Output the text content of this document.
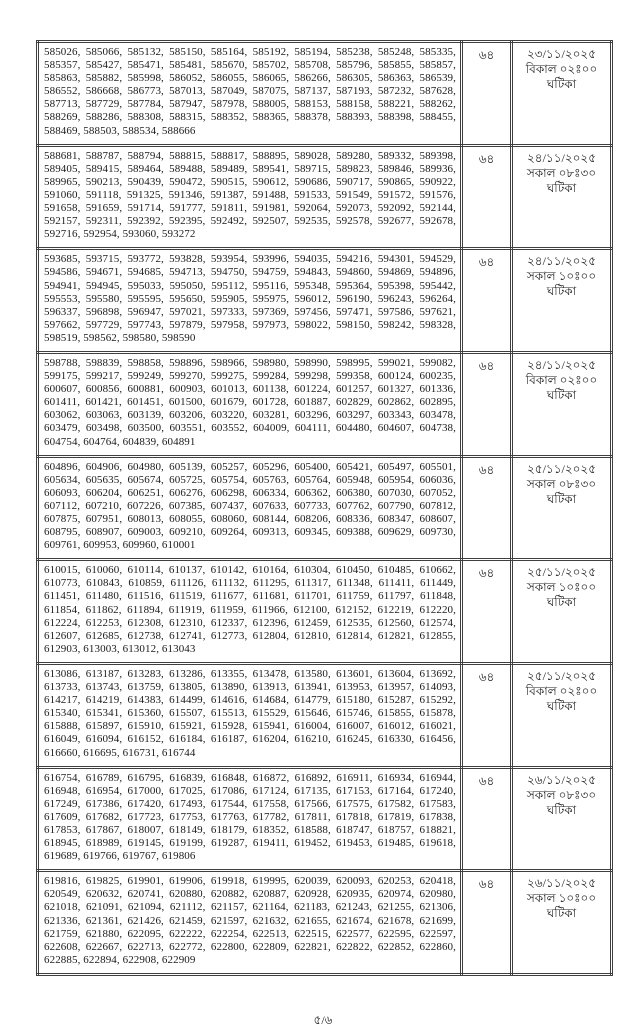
585026, 585066, 585132, 585150, 585164, 585192, 585194, 585238, 585248, 585335, 585357, 585427, 585471, 585481, 585670, 585702, 585708, 585796, 585855, 585857, 585863, 585882, 585998, 586052, 586055, 586065, 586266, 586305, 586363, 586539, 586552, 586668, 586773, 587013, 587049, 587075, 587137, 587193, 587232, 587628, 587713, 587729, 587784, 587947, 587978, 588005, 588153, 588158, 588221, 588262, 588269, 588286, 588308, 588315, 588352, 588365, 588378, 588393, 588398, 588455, 588469, 588503, 588534, 588666	৬৪	২৩/১১/২০২৫
বিকাল ০২ঃ০০ ঘটিকা

588681, 588787, 588794, 588815, 588817, 588895, 589028, 589280, 589332, 589398, 589405, 589415, 589464, 589488, 589489, 589541, 589715, 589823, 589846, 589936, 589965, 590213, 590439, 590472, 590515, 590612, 590686, 590717, 590865, 590922, 591060, 591118, 591325, 591346, 591387, 591488, 591533, 591549, 591572, 591576, 591658, 591659, 591714, 591777, 591811, 591981, 592064, 592073, 592092, 592144, 592157, 592311, 592392, 592395, 592492, 592507, 592535, 592578, 592677, 592678, 592716, 592954, 593060, 593272	৬৪	২৪/১১/২০২৫
সকাল ০৮ঃ৩০ ঘটিকা

593685, 593715, 593772, 593828, 593954, 593996, 594035, 594216, 594301, 594529, 594586, 594671, 594685, 594713, 594750, 594759, 594843, 594860, 594869, 594896, 594941, 594945, 595033, 595050, 595112, 595116, 595348, 595364, 595398, 595442, 595553, 595580, 595595, 595650, 595905, 595975, 596012, 596190, 596243, 596264, 596337, 596898, 596947, 597021, 597333, 597369, 597456, 597471, 597586, 597621, 597662, 597729, 597743, 597879, 597958, 597973, 598022, 598150, 598242, 598328, 598519, 598562, 598580, 598590	৬৪	২৪/১১/২০২৫
সকাল ১০ঃ০০ ঘটিকা

598788, 598839, 598858, 598896, 598966, 598980, 598990, 598995, 599021, 599082, 599175, 599217, 599249, 599270, 599275, 599284, 599298, 599358, 600124, 600235, 600607, 600856, 600881, 600903, 601013, 601138, 601224, 601257, 601327, 601336, 601411, 601421, 601451, 601500, 601679, 601728, 601887, 602829, 602862, 602895, 603062, 603063, 603139, 603206, 603220, 603281, 603296, 603297, 603343, 603478, 603479, 603498, 603500, 603551, 603552, 604009, 604111, 604480, 604607, 604738, 604754, 604764, 604839, 604891	৬৪	২৪/১১/২০২৫
বিকাল ০২ঃ০০ ঘটিকা

604896, 604906, 604980, 605139, 605257, 605296, 605400, 605421, 605497, 605501, 605634, 605635, 605674, 605725, 605754, 605763, 605764, 605948, 605954, 606036, 606093, 606204, 606251, 606276, 606298, 606334, 606362, 606380, 607030, 607052, 607112, 607210, 607226, 607385, 607437, 607633, 607733, 607762, 607790, 607812, 607875, 607951, 608013, 608055, 608060, 608144, 608206, 608336, 608347, 608607, 608795, 608907, 609003, 609210, 609264, 609313, 609345, 609388, 609629, 609730, 609761, 609953, 609960, 610001	৬৪	২৫/১১/২০২৫
সকাল ০৮ঃ৩০ ঘটিকা

610015, 610060, 610114, 610137, 610142, 610164, 610304, 610450, 610485, 610662, 610773, 610843, 610859, 611126, 611132, 611295, 611317, 611348, 611411, 611449, 611451, 611480, 611516, 611519, 611677, 611681, 611701, 611759, 611797, 611848, 611854, 611862, 611894, 611919, 611959, 611966, 612100, 612152, 612219, 612220, 612224, 612253, 612308, 612310, 612337, 612396, 612459, 612535, 612560, 612574, 612607, 612685, 612738, 612741, 612773, 612804, 612810, 612814, 612821, 612855, 612903, 613003, 613012, 613043	৬৪	২৫/১১/২০২৫
সকাল ১০ঃ০০ ঘটিকা

613086, 613187, 613283, 613286, 613355, 613478, 613580, 613601, 613604, 613692, 613733, 613743, 613759, 613805, 613890, 613913, 613941, 613953, 613957, 614093, 614217, 614219, 614383, 614499, 614616, 614684, 614779, 615180, 615287, 615292, 615340, 615341, 615360, 615507, 615513, 615529, 615646, 615746, 615855, 615878, 615888, 615897, 615910, 615921, 615928, 615941, 616004, 616007, 616012, 616021, 616049, 616094, 616152, 616184, 616187, 616204, 616210, 616245, 616330, 616456, 616660, 616695, 616731, 616744	৬৪	২৫/১১/২০২৫
বিকাল ০২ঃ০০ ঘটিকা

616754, 616789, 616795, 616839, 616848, 616872, 616892, 616911, 616934, 616944, 616948, 616954, 617000, 617025, 617086, 617124, 617135, 617153, 617164, 617240, 617249, 617386, 617420, 617493, 617544, 617558, 617566, 617575, 617582, 617583, 617609, 617682, 617723, 617753, 617763, 617782, 617811, 617818, 617819, 617838, 617853, 617867, 618007, 618149, 618179, 618352, 618588, 618747, 618757, 618821, 618945, 618989, 619145, 619199, 619287, 619411, 619452, 619453, 619485, 619618, 619689, 619766, 619767, 619806	৬৪	২৬/১১/২০২৫
সকাল ০৮ঃ৩০ ঘটিকা

619816, 619825, 619901, 619906, 619918, 619995, 620039, 620093, 620253, 620418, 620549, 620632, 620741, 620880, 620882, 620887, 620928, 620935, 620974, 620980, 621018, 621091, 621094, 621112, 621157, 621164, 621183, 621243, 621255, 621306, 621336, 621361, 621426, 621459, 621597, 621632, 621655, 621674, 621678, 621699, 621759, 621880, 622095, 622222, 622254, 622513, 622515, 622577, 622595, 622597, 622608, 622667, 622713, 622772, 622800, 622809, 622821, 622822, 622852, 622860, 622885, 622894, 622908, 622909	৬৪	২৬/১১/২০২৫
সকাল ১০ঃ০০ ঘটিকা
৫/৬
